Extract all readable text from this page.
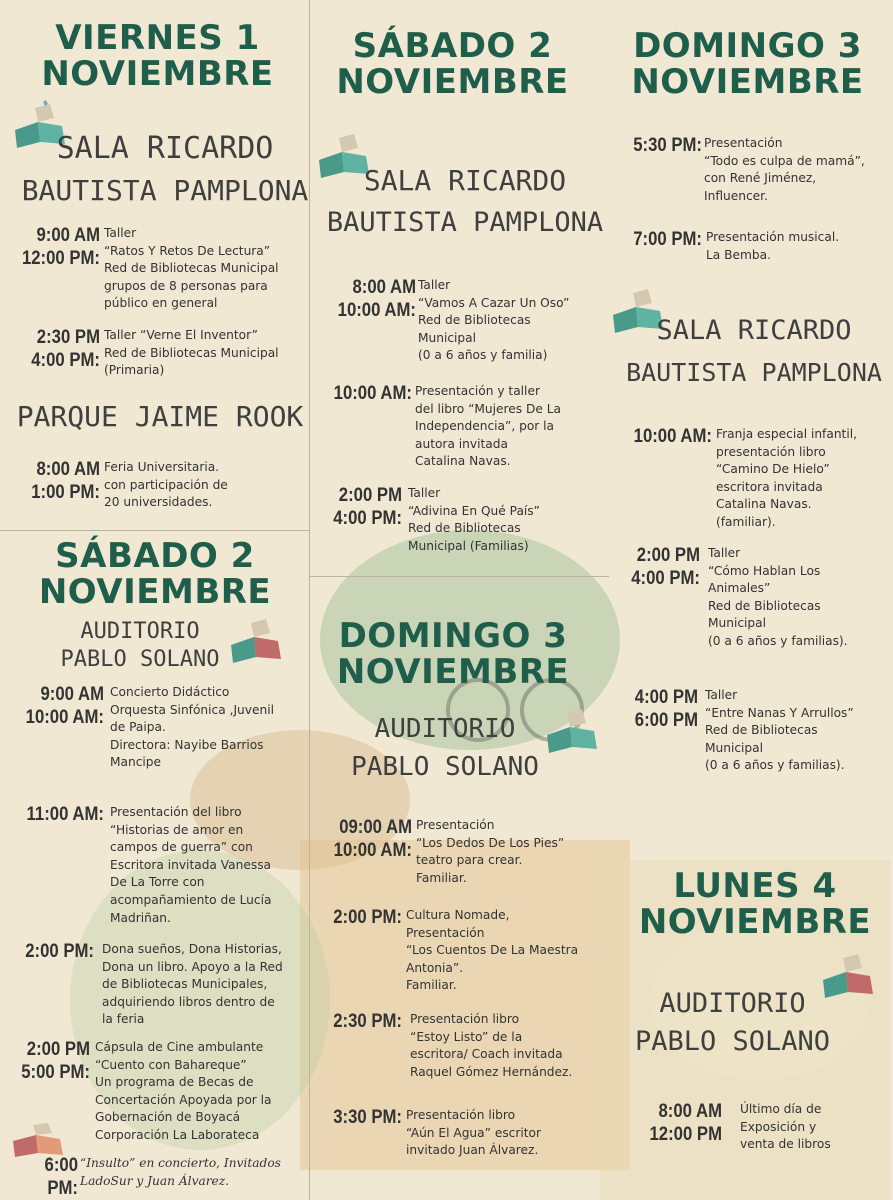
VIERNES 1
NOVIEMBRE
SALA RICARDO
BAUTISTA PAMPLONA
9:00 AM
12:00 PM:
Taller
“Ratos Y Retos De Lectura”
Red de Bibliotecas Municipal
grupos de 8 personas para
público en general
2:30 PM
4:00 PM:
Taller “Verne El Inventor”
Red de Bibliotecas Municipal
(Primaria)
PARQUE JAIME ROOK
8:00 AM
1:00 PM:
Feria Universitaria.
con participación de
20 universidades.
SÁBADO 2
NOVIEMBRE
AUDITORIO
PABLO SOLANO
9:00 AM
10:00 AM:
Concierto Didáctico
Orquesta Sinfónica ,Juvenil
de Paipa.
Directora: Nayibe Barrios
Mancipe
11:00 AM: Presentación del libro
“Historias de amor en
campos de guerra” con
Escritora invitada Vanessa
De La Torre con
acompañamiento de Lucía
Madriñan.
2:00 PM: Dona sueños, Dona Historias,
Dona un libro. Apoyo a la Red
de Bibliotecas Municipales,
adquiriendo libros dentro de
la feria
2:00 PM
5:00 PM:
Cápsula de Cine ambulante
“Cuento con Bahareque”
Un programa de Becas de
Concertación Apoyada por la
Gobernación de Boyacá
Corporación La Laborateca
6:00 PM:
“Insulto” en concierto, Invitados
LadoSur y Juan Álvarez.
SÁBADO 2
NOVIEMBRE
SALA RICARDO
BAUTISTA PAMPLONA
8:00 AM
10:00 AM:
Taller
“Vamos A Cazar Un Oso”
Red de Bibliotecas
Municipal
(0 a 6 años y familia)
10:00 AM: Presentación y taller
del libro “Mujeres De La
Independencia”, por la
autora invitada
Catalina Navas.
2:00 PM
4:00 PM:
Taller
“Adivina En Qué País”
Red de Bibliotecas
Municipal (Familias)
DOMINGO 3
NOVIEMBRE
AUDITORIO
PABLO SOLANO
09:00 AM
10:00 AM:
Presentación
“Los Dedos De Los Pies”
teatro para crear.
Familiar.
2:00 PM: Cultura Nomade,
Presentación
“Los Cuentos De La Maestra
Antonia”.
Familiar.
2:30 PM: Presentación libro
“Estoy Listo” de la
escritora/ Coach invitada
Raquel Gómez Hernández.
3:30 PM: Presentación libro
“Aún El Agua” escritor
invitado Juan Álvarez.
DOMINGO 3
NOVIEMBRE
5:30 PM: Presentación
“Todo es culpa de mamá”,
con René Jiménez,
Influencer.
7:00 PM: Presentación musical.
La Bemba.
SALA RICARDO
BAUTISTA PAMPLONA
10:00 AM: Franja especial infantil,
presentación libro
“Camino De Hielo”
escritora invitada
Catalina Navas.
(familiar).
2:00 PM
4:00 PM:
Taller
“Cómo Hablan Los
Animales”
Red de Bibliotecas
Municipal
(0 a 6 años y familias).
4:00 PM
6:00 PM
Taller
“Entre Nanas Y Arrullos”
Red de Bibliotecas
Municipal
(0 a 6 años y familias).
LUNES 4
NOVIEMBRE
AUDITORIO
PABLO SOLANO
8:00 AM
12:00 PM
Último día de
Exposición y
venta de libros
